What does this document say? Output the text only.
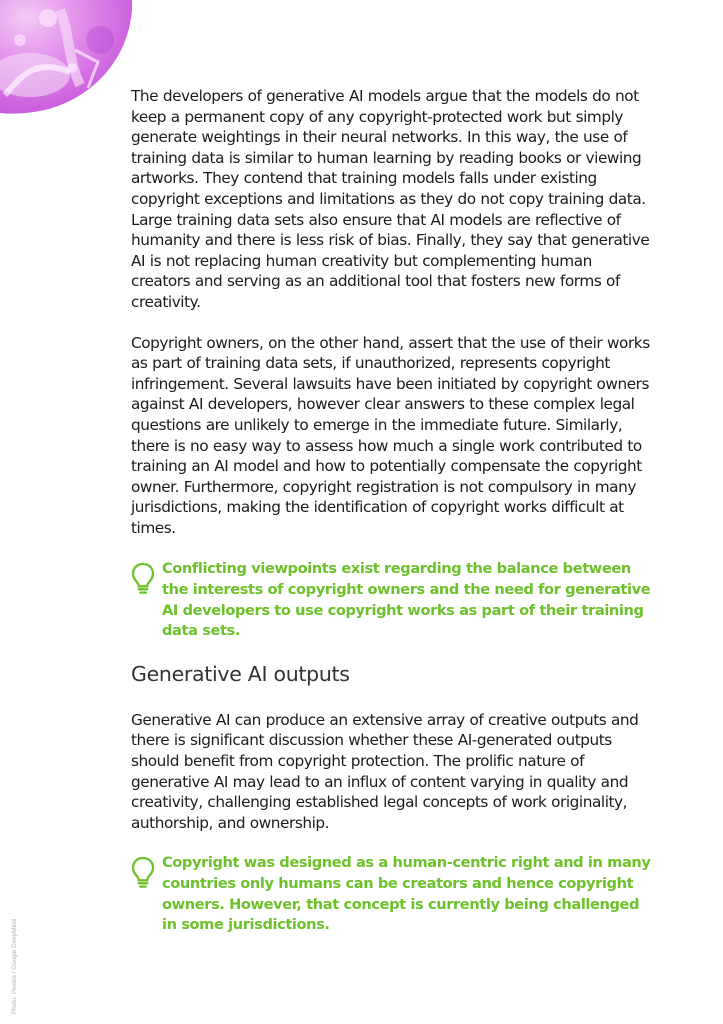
The developers of generative AI models argue that the models do not keep a permanent copy of any copyright-protected work but simply generate weightings in their neural networks. In this way, the use of training data is similar to human learning by reading books or viewing artworks. They contend that training models falls under existing copyright exceptions and limitations as they do not copy training data. Large training data sets also ensure that AI models are reflective of humanity and there is less risk of bias. Finally, they say that generative AI is not replacing human creativity but complementing human creators and serving as an additional tool that fosters new forms of creativity.

Copyright owners, on the other hand, assert that the use of their works as part of training data sets, if unauthorized, represents copyright infringement. Several lawsuits have been initiated by copyright owners against AI developers, however clear answers to these complex legal questions are unlikely to emerge in the immediate future. Similarly, there is no easy way to assess how much a single work contributed to training an AI model and how to potentially compensate the copyright owner. Furthermore, copyright registration is not compulsory in many jurisdictions, making the identification of copyright works difficult at times.

Conflicting viewpoints exist regarding the balance between the interests of copyright owners and the need for generative AI developers to use copyright works as part of their training data sets.

Generative AI outputs

Generative AI can produce an extensive array of creative outputs and there is significant discussion whether these AI-generated outputs should benefit from copyright protection. The prolific nature of generative AI may lead to an influx of content varying in quality and creativity, challenging established legal concepts of work originality, authorship, and ownership.

Copyright was designed as a human-centric right and in many countries only humans can be creators and hence copyright owners. However, that concept is currently being challenged in some jurisdictions.

Photo: Pexels / Google DeepMind
